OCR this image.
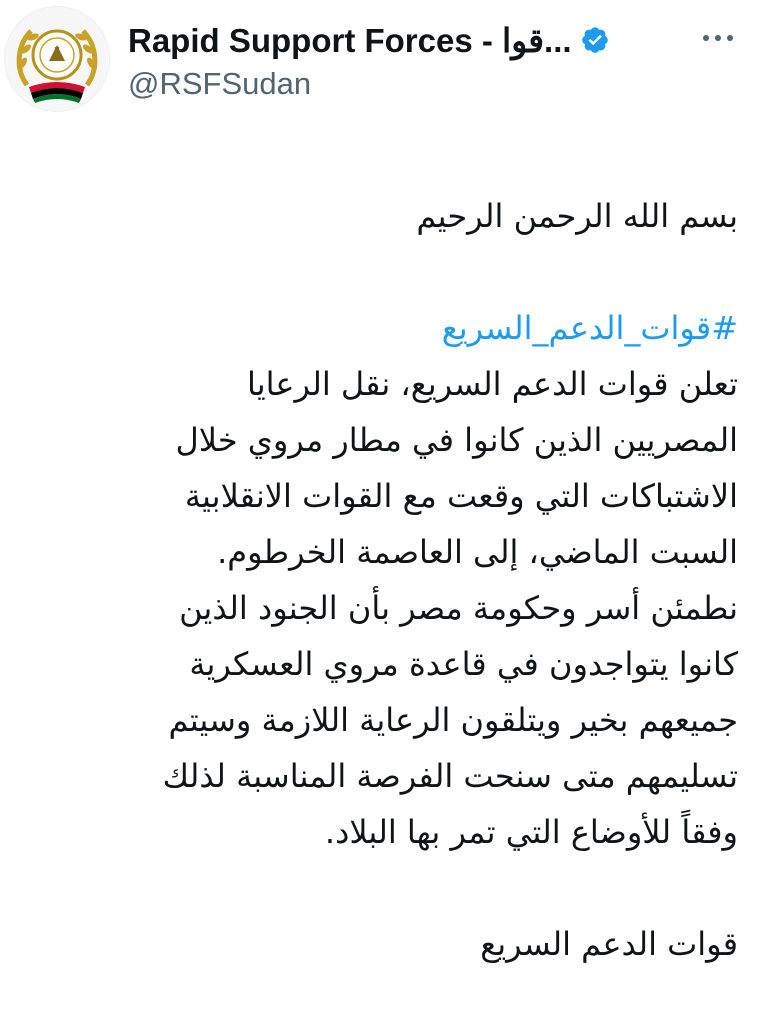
Rapid Support Forces - قوا...
@RSFSudan
بسم الله الرحمن الرحيم
#قوات_الدعم_السريع
تعلن قوات الدعم السريع، نقل الرعايا
المصريين الذين كانوا في مطار مروي خلال
الاشتباكات التي وقعت مع القوات الانقلابية
السبت الماضي، إلى العاصمة الخرطوم.
نطمئن أسر وحكومة مصر بأن الجنود الذين
كانوا يتواجدون في قاعدة مروي العسكرية
جميعهم بخير ويتلقون الرعاية اللازمة وسيتم
تسليمهم متى سنحت الفرصة المناسبة لذلك
وفقاً للأوضاع التي تمر بها البلاد.
قوات الدعم السريع
